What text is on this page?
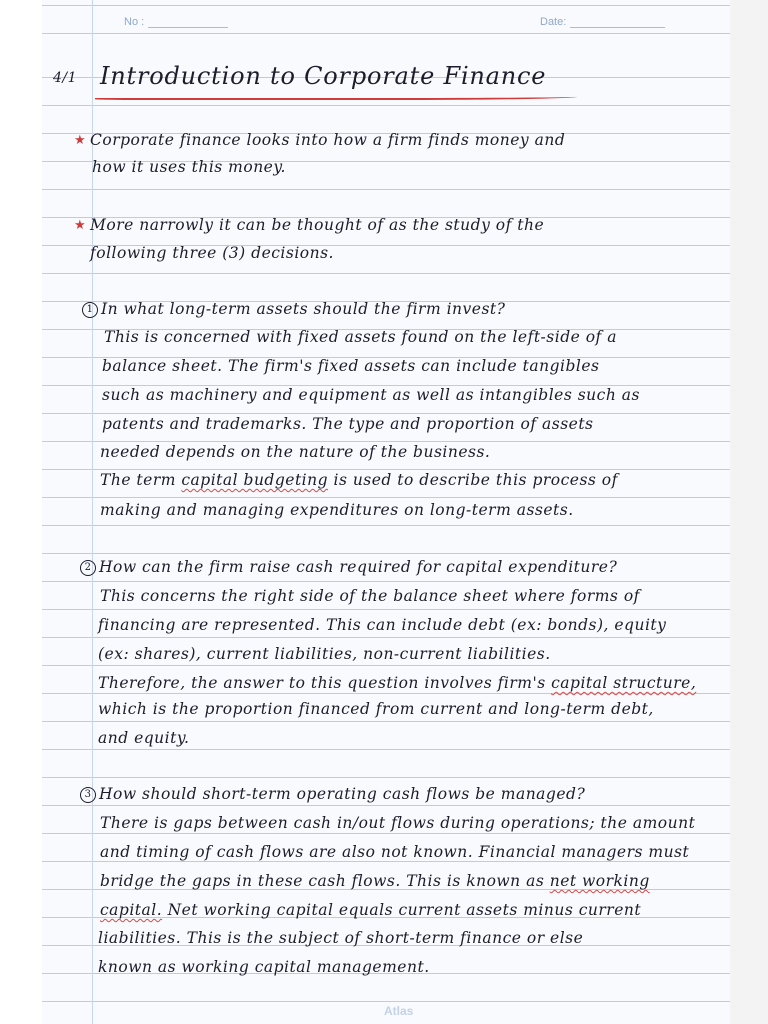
No :	Date:
4/1 Introduction to Corporate Finance
★ Corporate finance looks into how a firm finds money and
how it uses this money.
★ More narrowly it can be thought of as the study of the
following three (3) decisions.
1 In what long-term assets should the firm invest?
This is concerned with fixed assets found on the left-side of a
balance sheet. The firm's fixed assets can include tangibles
such as machinery and equipment as well as intangibles such as
patents and trademarks. The type and proportion of assets
needed depends on the nature of the business.
The term capital budgeting is used to describe this process of
making and managing expenditures on long-term assets.
2 How can the firm raise cash required for capital expenditure?
This concerns the right side of the balance sheet where forms of
financing are represented. This can include debt (ex: bonds), equity
(ex: shares), current liabilities, non-current liabilities.
Therefore, the answer to this question involves firm's capital structure,
which is the proportion financed from current and long-term debt,
and equity.
3 How should short-term operating cash flows be managed?
There is gaps between cash in/out flows during operations; the amount
and timing of cash flows are also not known. Financial managers must
bridge the gaps in these cash flows. This is known as net working
capital. Net working capital equals current assets minus current
liabilities. This is the subject of short-term finance or else
known as working capital management.
Atlas
